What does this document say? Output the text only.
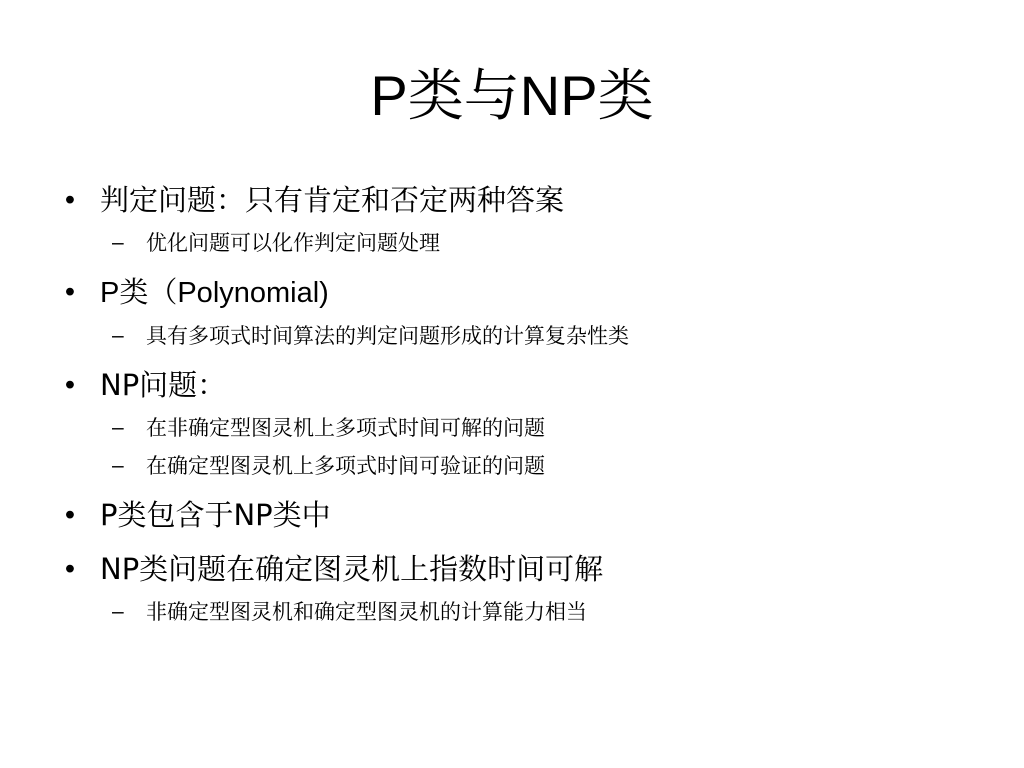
P类与NP类
• 判定问题：只有肯定和否定两种答案
–	优化问题可以化作判定问题处理
• P类（Polynomial)
–	具有多项式时间算法的判定问题形成的计算复杂性类
• NP问题：
–	在非确定型图灵机上多项式时间可解的问题
–	在确定型图灵机上多项式时间可验证的问题
• P类包含于NP类中
• NP类问题在确定图灵机上指数时间可解
–	非确定型图灵机和确定型图灵机的计算能力相当
